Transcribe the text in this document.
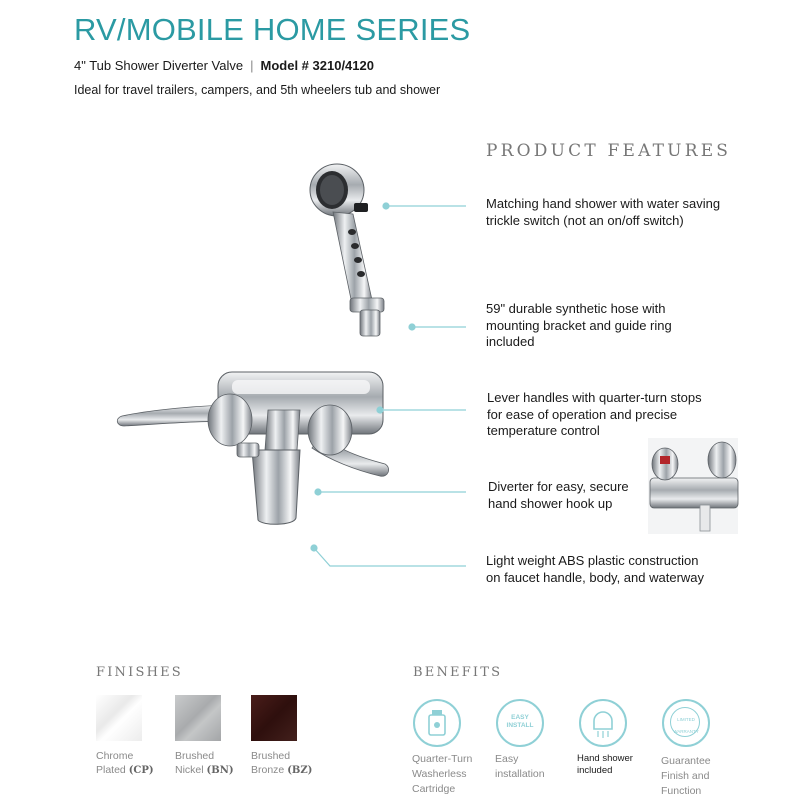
RV/MOBILE HOME SERIES
4" Tub Shower Diverter Valve | Model # 3210/4120
Ideal for travel trailers, campers, and 5th wheelers tub and shower
PRODUCT FEATURES
Matching hand shower with water saving
trickle switch (not an on/off switch)
59" durable synthetic hose with
mounting bracket and guide ring
included
Lever handles with quarter-turn stops
for ease of operation and precise
temperature control
Diverter for easy, secure
hand shower hook up
Light weight ABS plastic construction
on faucet handle, body, and waterway
FINISHES
Chrome
Plated (CP)
Brushed
Nickel (BN)
Brushed
Bronze (BZ)
BENEFITS
EASY
INSTALL
LIMITED
WARRANTY
Quarter-Turn
Washerless
Cartridge
Easy
installation
Hand shower
included
Guarantee
Finish and
Function
